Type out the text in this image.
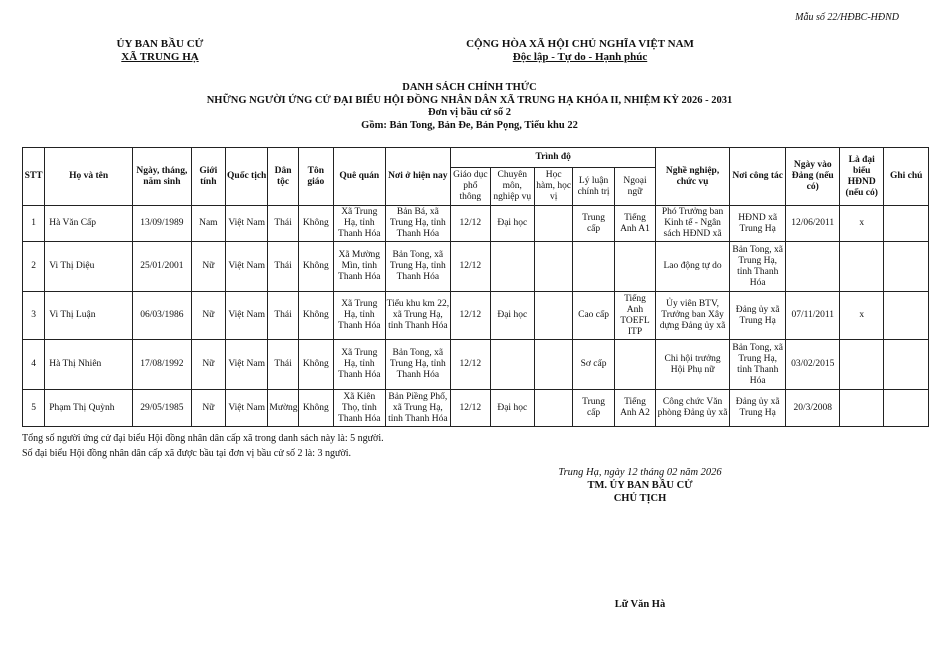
Mẫu số 22/HĐBC-HĐND
ỦY BAN BẦU CỬ
XÃ TRUNG HẠ
CỘNG HÒA XÃ HỘI CHỦ NGHĨA VIỆT NAM
Độc lập - Tự do - Hạnh phúc
DANH SÁCH CHÍNH THỨC
NHỮNG NGƯỜI ỨNG CỬ ĐẠI BIỂU HỘI ĐỒNG NHÂN DÂN XÃ TRUNG HẠ KHÓA II, NHIỆM KỲ 2026 - 2031
Đơn vị bầu cử số 2
Gồm: Bản Tong, Bản Đe, Bản Pọng, Tiểu khu 22
STT	Họ và tên	Ngày, tháng, năm sinh	Giới tính	Quốc tịch	Dân tộc	Tôn giáo	Quê quán	Nơi ở hiện nay	Trình độ					Nghề nghiệp, chức vụ	Nơi công tác	Ngày vào Đảng (nếu có)	Là đại biểu HĐND (nếu có)	Ghi chú
									Giáo dục phổ thông	Chuyên môn, nghiệp vụ	Học hàm, học vị	Lý luận chính trị	Ngoại ngữ					
1	Hà Văn Cấp	13/09/1989	Nam	Việt Nam	Thái	Không	Xã Trung Hạ, tỉnh Thanh Hóa	Bản Bá, xã Trung Hạ, tỉnh Thanh Hóa	12/12	Đại học		Trung cấp	Tiếng Anh A1	Phó Trưởng ban Kinh tế - Ngân sách HĐND xã	HĐND xã Trung Hạ	12/06/2011	x	
2	Vi Thị Diệu	25/01/2001	Nữ	Việt Nam	Thái	Không	Xã Mường Mìn, tỉnh Thanh Hóa	Bản Tong, xã Trung Hạ, tỉnh Thanh Hóa	12/12					Lao động tự do	Bản Tong, xã Trung Hạ, tỉnh Thanh Hóa			
3	Vi Thị Luận	06/03/1986	Nữ	Việt Nam	Thái	Không	Xã Trung Hạ, tỉnh Thanh Hóa	Tiểu khu km 22, xã Trung Hạ, tỉnh Thanh Hóa	12/12	Đại học		Cao cấp	Tiếng Anh TOEFL ITP	Ủy viên BTV, Trưởng ban Xây dựng Đảng ủy xã	Đảng ủy xã Trung Hạ	07/11/2011	x	
4	Hà Thị Nhiên	17/08/1992	Nữ	Việt Nam	Thái	Không	Xã Trung Hạ, tỉnh Thanh Hóa	Bản Tong, xã Trung Hạ, tỉnh Thanh Hóa	12/12			Sơ cấp		Chi hội trưởng Hội Phụ nữ	Bản Tong, xã Trung Hạ, tỉnh Thanh Hóa	03/02/2015		
5	Phạm Thị Quỳnh	29/05/1985	Nữ	Việt Nam	Mường	Không	Xã Kiên Thọ, tỉnh Thanh Hóa	Bản Piềng Phố, xã Trung Hạ, tỉnh Thanh Hóa	12/12	Đại học		Trung cấp	Tiếng Anh A2	Công chức Văn phòng Đảng ủy xã	Đảng ủy xã Trung Hạ	20/3/2008		
Tổng số người ứng cử đại biểu Hội đồng nhân dân cấp xã trong danh sách này là: 5 người.
Số đại biểu Hội đồng nhân dân cấp xã được bầu tại đơn vị bầu cử số 2 là: 3 người.
Trung Hạ, ngày 12 tháng 02 năm 2026
TM. ỦY BAN BẦU CỬ
CHỦ TỊCH
Lữ Văn Hà
